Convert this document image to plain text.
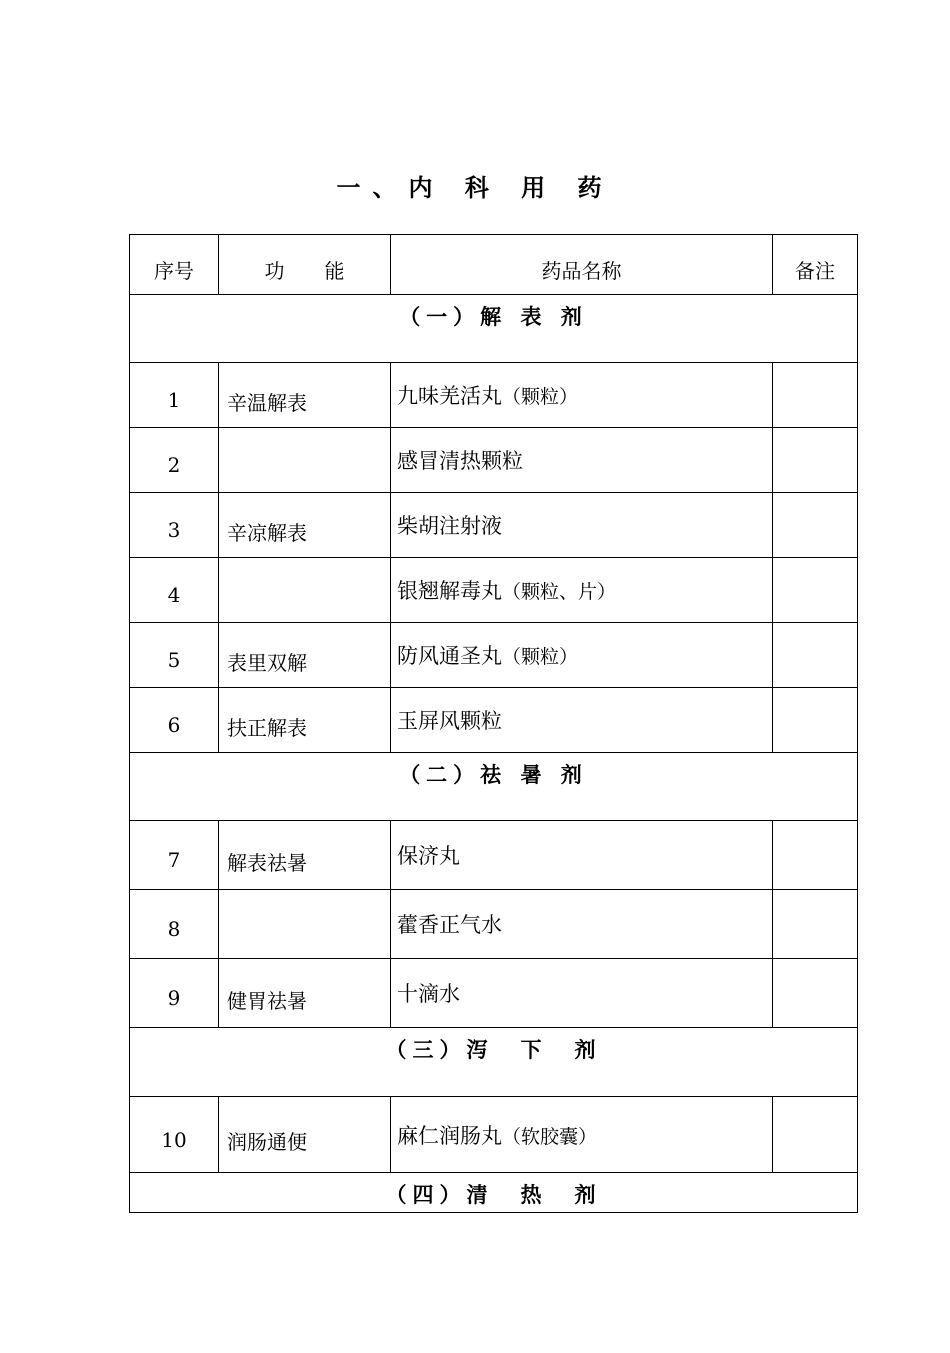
一、内 科 用 药
序号	功　　能	药品名称	备注
（一）解 表 剂			
1	辛温解表	九味羌活丸（颗粒）	
2		感冒清热颗粒	
3	辛凉解表	柴胡注射液	
4		银翘解毒丸（颗粒、片）	
5	表里双解	防风通圣丸（颗粒）	
6	扶正解表	玉屏风颗粒	
（二）祛 暑 剂			
7	解表祛暑	保济丸	
8		藿香正气水	
9	健胃祛暑	十滴水	
（三）泻　下　剂			
10	润肠通便	麻仁润肠丸（软胶囊）	
（四）清　热　剂			
